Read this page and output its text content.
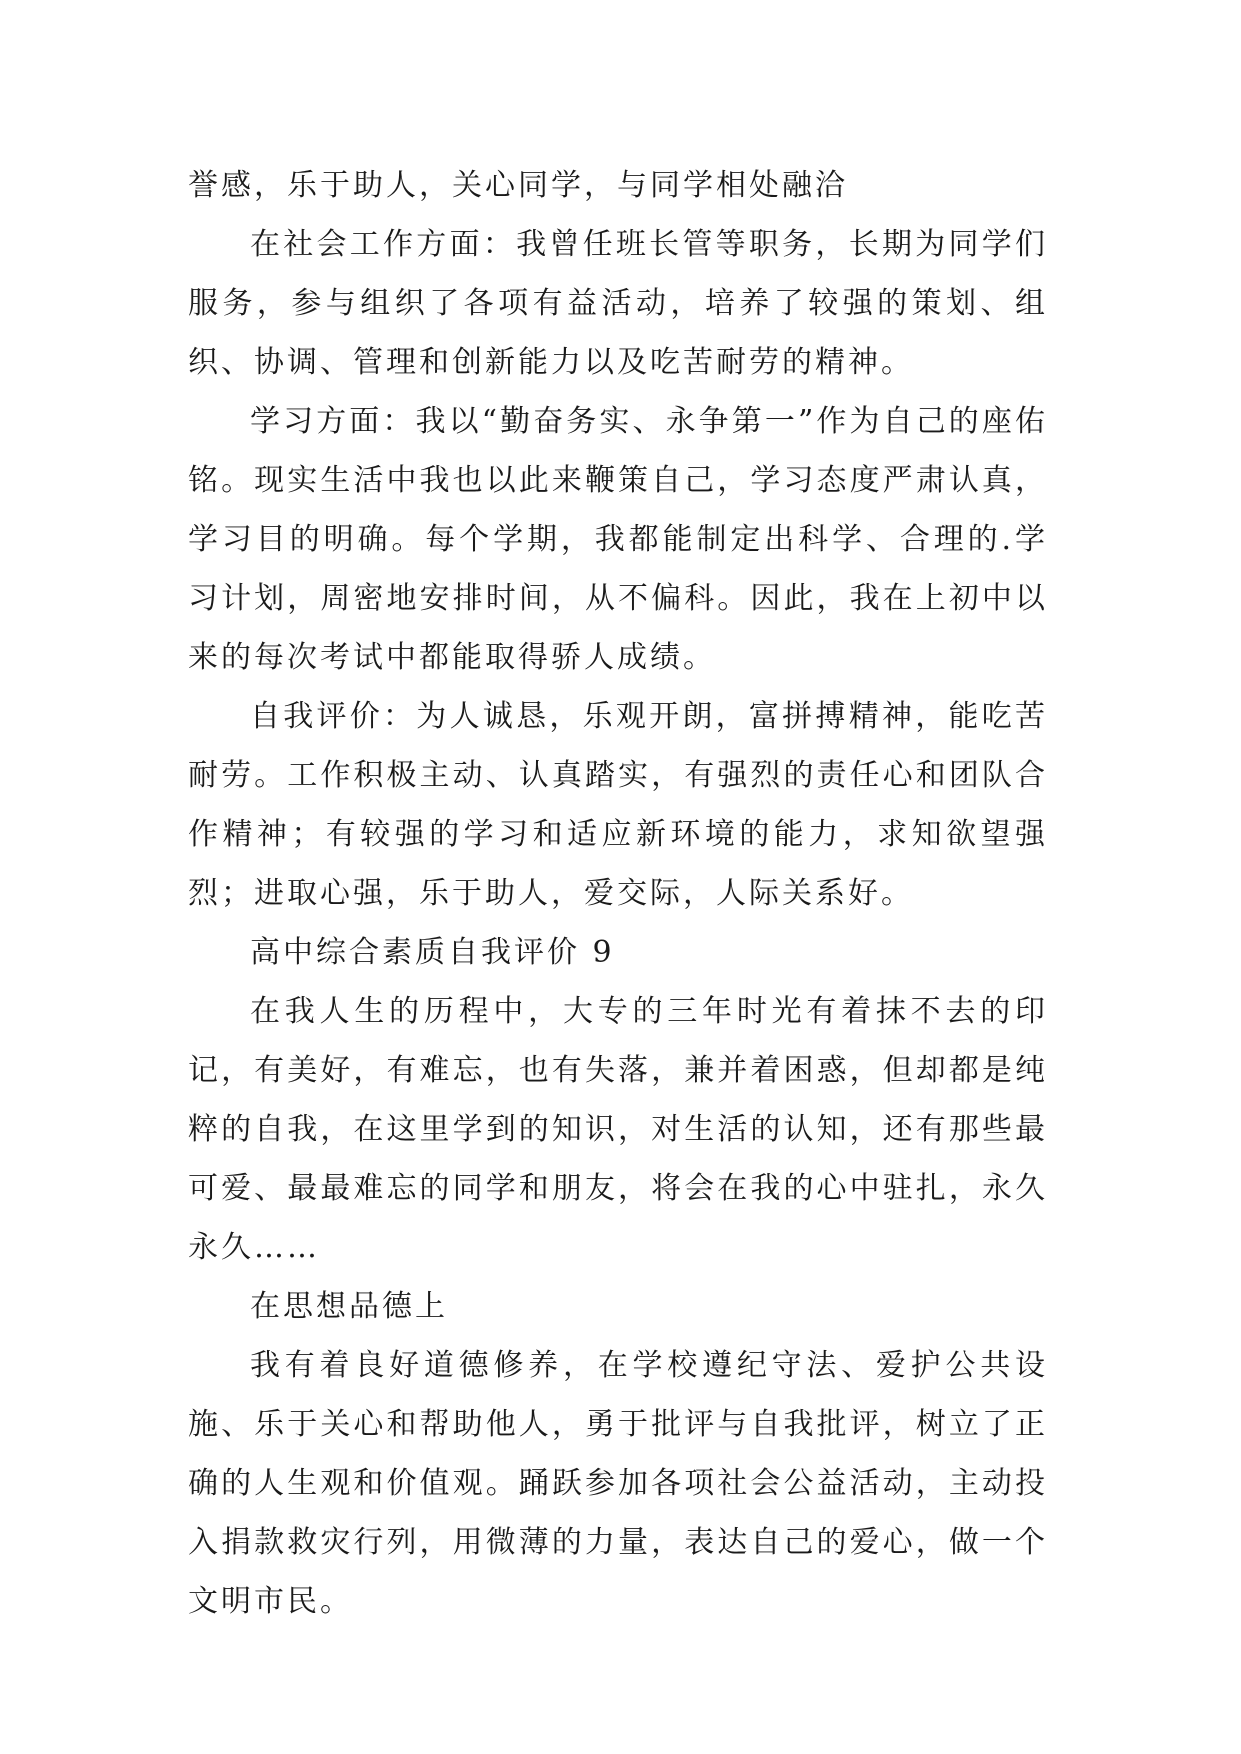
誉感，乐于助人，关心同学，与同学相处融洽

在社会工作方面：我曾任班长管等职务，长期为同学们服务，参与组织了各项有益活动，培养了较强的策划、组织、协调、管理和创新能力以及吃苦耐劳的精神。

学习方面：我以“勤奋务实、永争第一”作为自己的座佑铭。现实生活中我也以此来鞭策自己，学习态度严肃认真，学习目的明确。每个学期，我都能制定出科学、合理的.学习计划，周密地安排时间，从不偏科。因此，我在上初中以来的每次考试中都能取得骄人成绩。

自我评价：为人诚恳，乐观开朗，富拼搏精神，能吃苦耐劳。工作积极主动、认真踏实，有强烈的责任心和团队合作精神；有较强的学习和适应新环境的能力，求知欲望强烈；进取心强，乐于助人，爱交际，人际关系好。

高中综合素质自我评价 9

在我人生的历程中，大专的三年时光有着抹不去的印记，有美好，有难忘，也有失落，兼并着困惑，但却都是纯粹的自我，在这里学到的知识，对生活的认知，还有那些最可爱、最最难忘的同学和朋友，将会在我的心中驻扎，永久永久……

在思想品德上

我有着良好道德修养，在学校遵纪守法、爱护公共设施、乐于关心和帮助他人，勇于批评与自我批评，树立了正确的人生观和价值观。踊跃参加各项社会公益活动，主动投入捐款救灾行列，用微薄的力量，表达自己的爱心，做一个文明市民。
